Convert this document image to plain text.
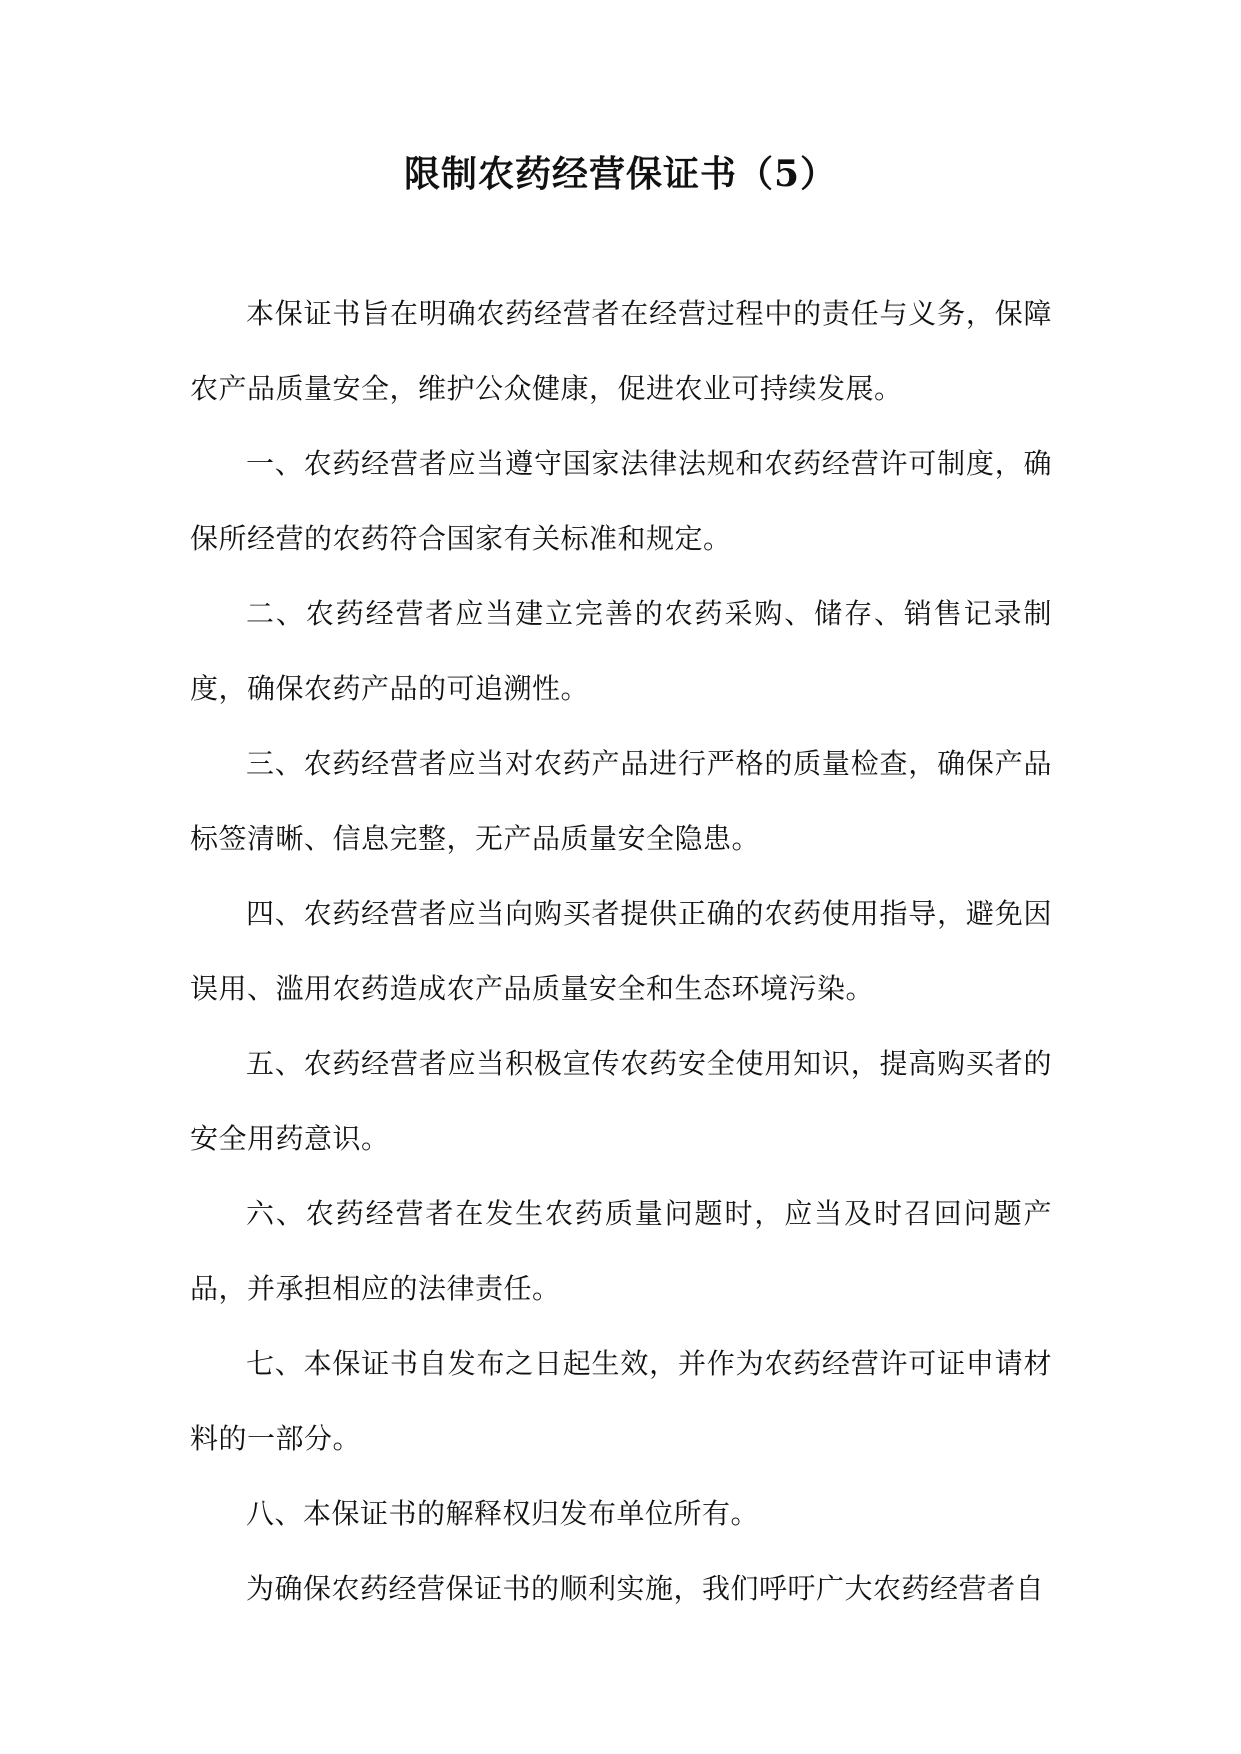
限制农药经营保证书（5）

本保证书旨在明确农药经营者在经营过程中的责任与义务，保障农产品质量安全，维护公众健康，促进农业可持续发展。

一、农药经营者应当遵守国家法律法规和农药经营许可制度，确保所经营的农药符合国家有关标准和规定。

二、农药经营者应当建立完善的农药采购、储存、销售记录制度，确保农药产品的可追溯性。

三、农药经营者应当对农药产品进行严格的质量检查，确保产品标签清晰、信息完整，无产品质量安全隐患。

四、农药经营者应当向购买者提供正确的农药使用指导，避免因误用、滥用农药造成农产品质量安全和生态环境污染。

五、农药经营者应当积极宣传农药安全使用知识，提高购买者的安全用药意识。

六、农药经营者在发生农药质量问题时，应当及时召回问题产品，并承担相应的法律责任。

七、本保证书自发布之日起生效，并作为农药经营许可证申请材料的一部分。

八、本保证书的解释权归发布单位所有。

为确保农药经营保证书的顺利实施，我们呼吁广大农药经营者自
